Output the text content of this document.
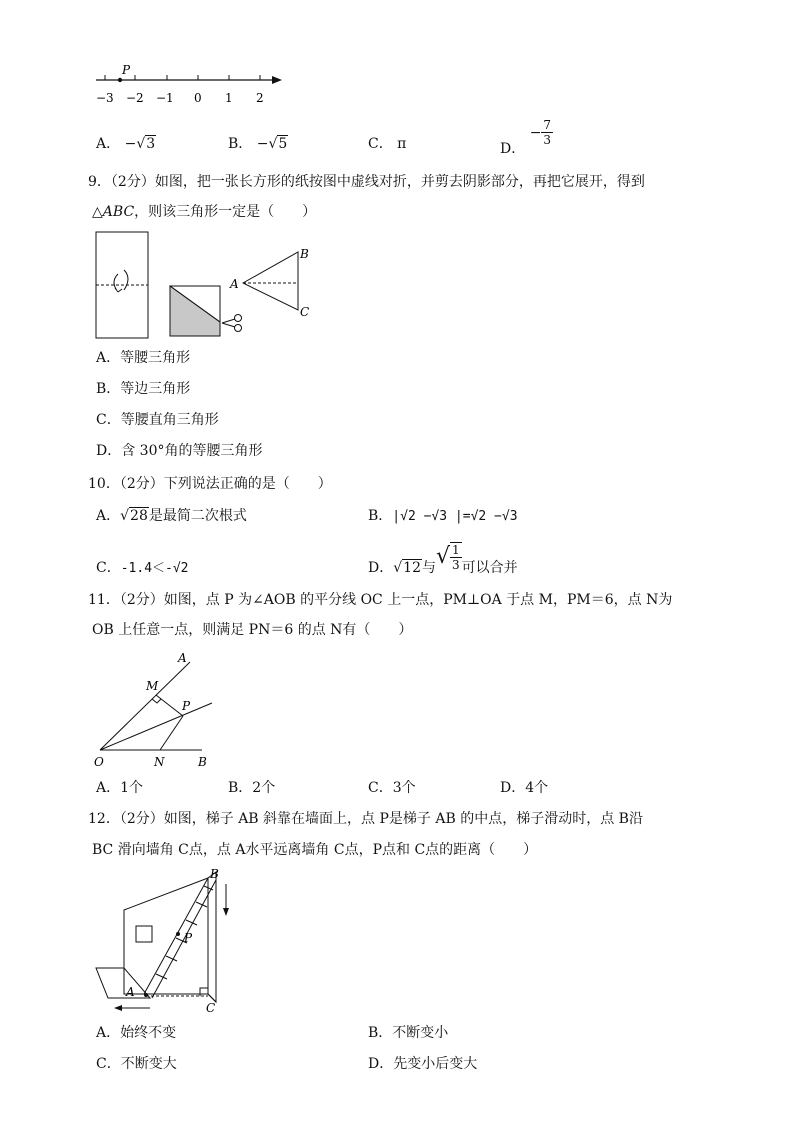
P
−3 −2 −1 0 1 2
A． −√3	B． −√5	C． π	D． − $\frac{7}{3}$
9．（2分）如图，把一张长方形的纸按图中虚线对折，并剪去阴影部分，再把它展开，得到
△ABC，则该三角形一定是（　　）
A
B
C
A．等腰三角形
B．等边三角形
C．等腰直角三角形
D．含 30°角的等腰三角形
10．（2分）下列说法正确的是（　　）
A．√28是最简二次根式	B．|√2 −√3 |=√2 −√3
C．-1.4＜-√2	D．√12与√ $\frac{1}{3}$ 可以合并
11．（2分）如图，点 P 为∠AOB 的平分线 OC 上一点，PM⊥OA 于点 M，PM＝6，点 N为
OB 上任意一点，则满足 PN＝6 的点 N有（　　）
A
M
P
O	N	B
A．1个	B．2个	C．3个	D．4个
12．（2分）如图，梯子 AB 斜靠在墙面上，点 P是梯子 AB 的中点，梯子滑动时，点 B沿
BC 滑向墙角 C点，点 A水平远离墙角 C点，P点和 C点的距离（　　）
B
P
A
C
A．始终不变	B．不断变小
C．不断变大	D．先变小后变大
